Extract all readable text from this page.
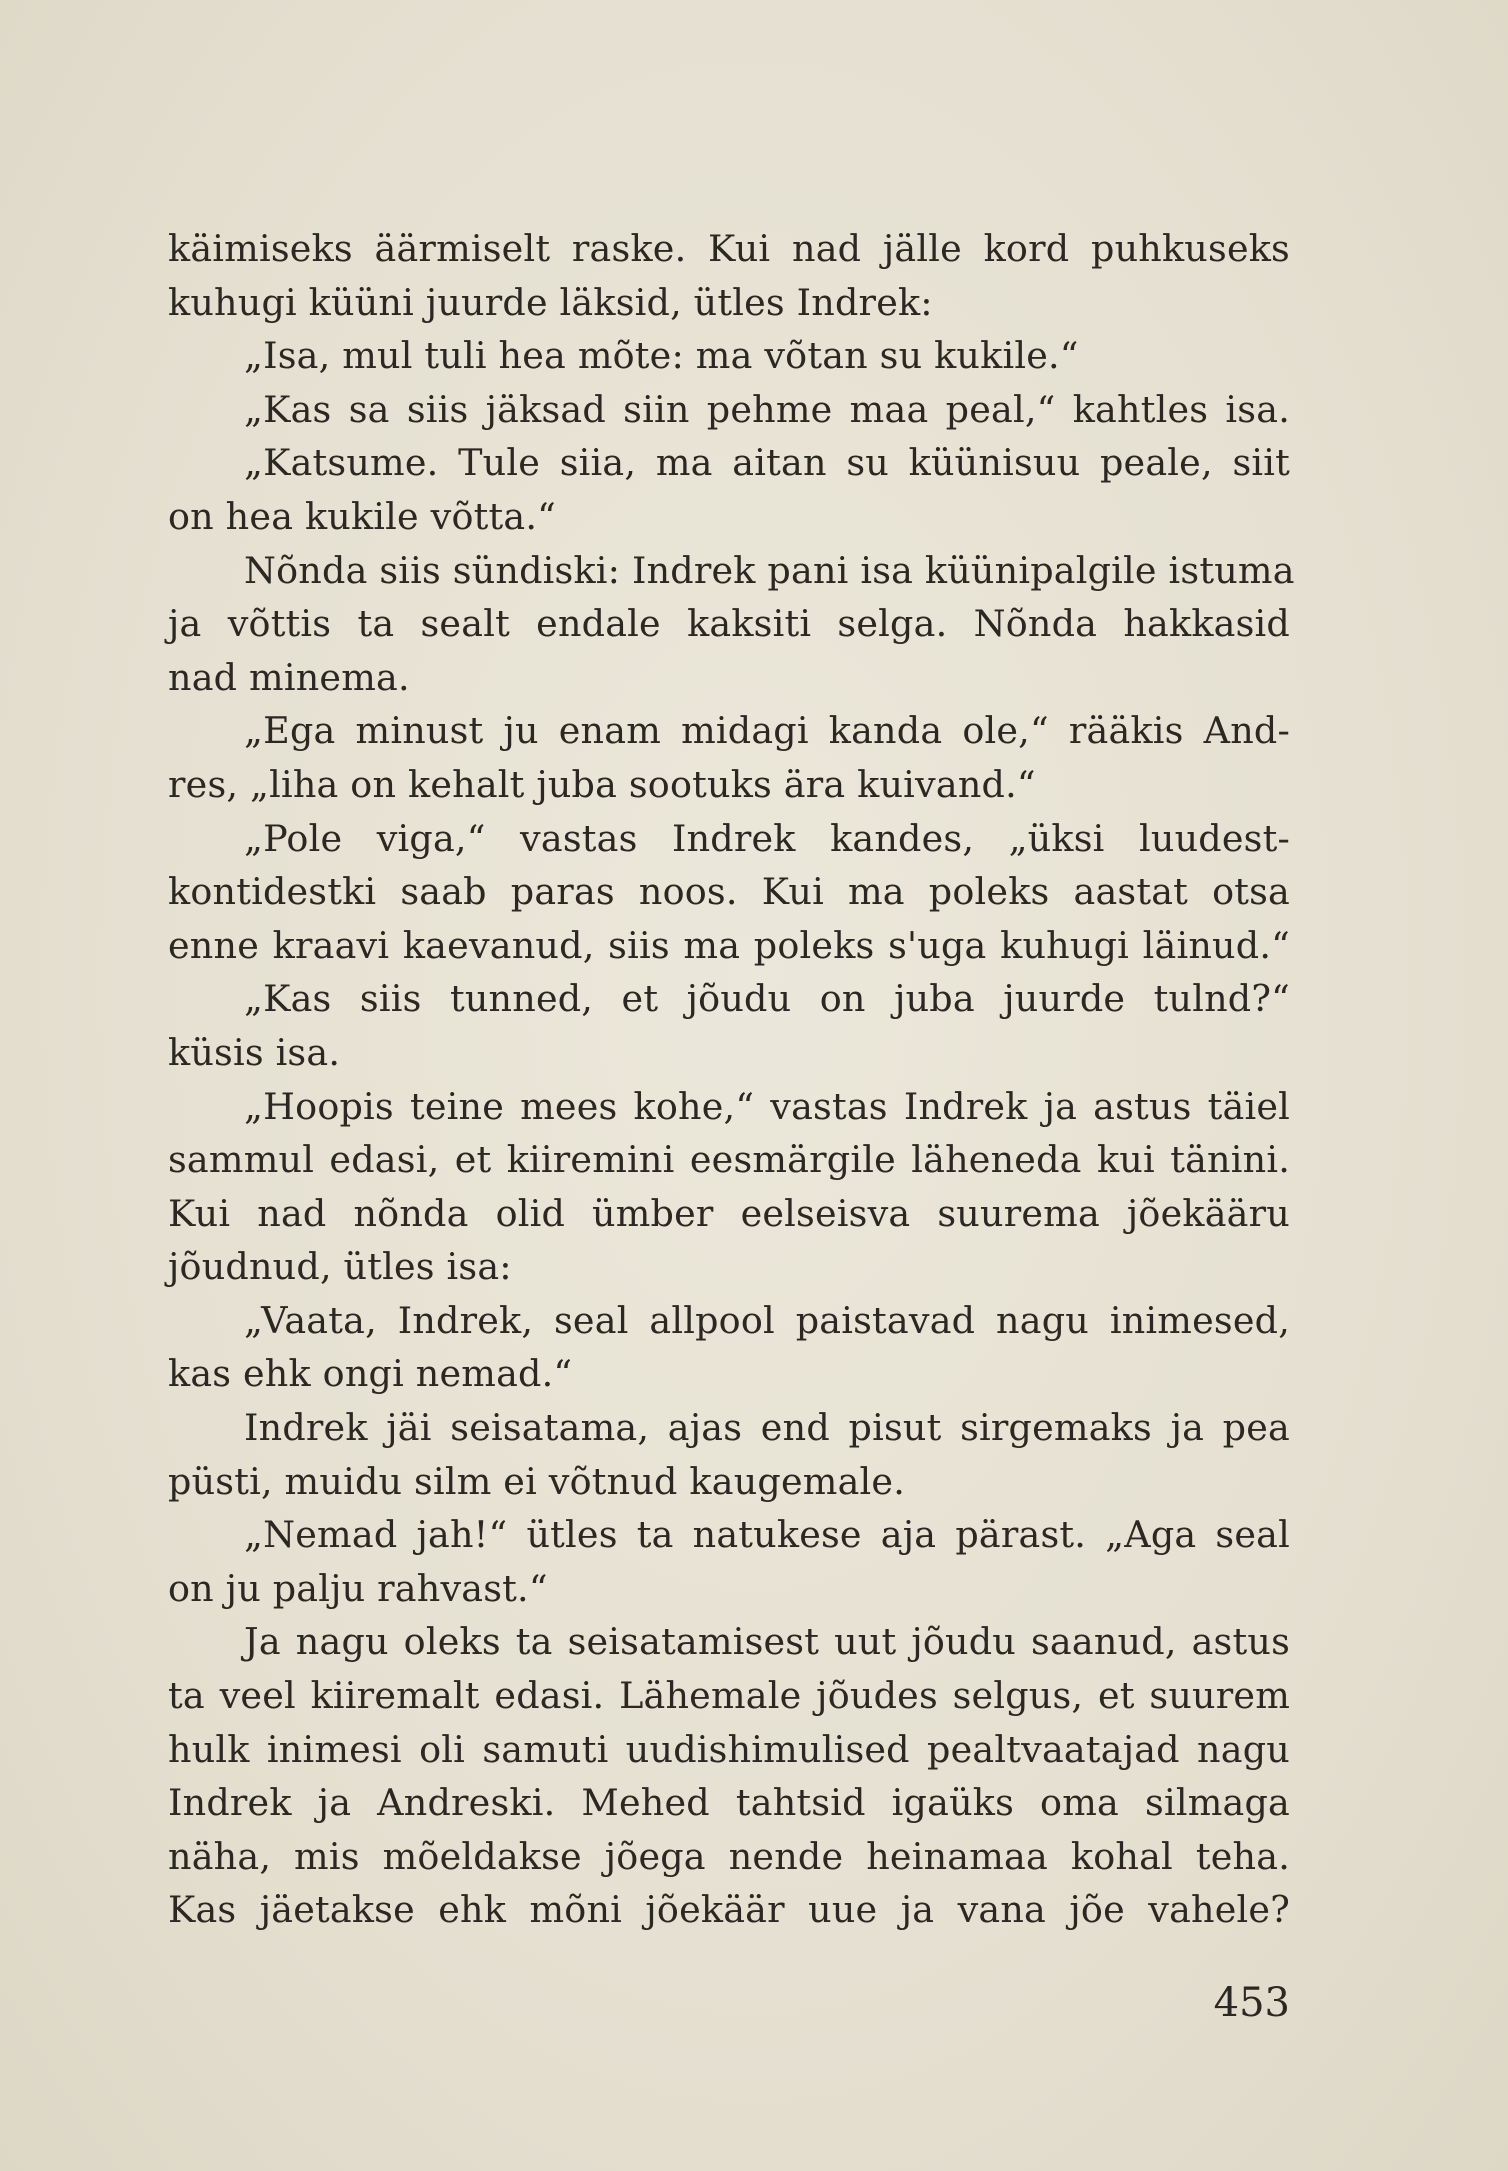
käimiseks äärmiselt raske. Kui nad jälle kord puhkuseks
kuhugi küüni juurde läksid, ütles Indrek:
„Isa, mul tuli hea mõte: ma võtan su kukile.“
„Kas sa siis jäksad siin pehme maa peal,“ kahtles isa.
„Katsume. Tule siia, ma aitan su küünisuu peale, siit
on hea kukile võtta.“
Nõnda siis sündiski: Indrek pani isa küünipalgile istuma
ja võttis ta sealt endale kaksiti selga. Nõnda hakkasid
nad minema.
„Ega minust ju enam midagi kanda ole,“ rääkis And-
res, „liha on kehalt juba sootuks ära kuivand.“
„Pole viga,“ vastas Indrek kandes, „üksi luudest-
kontidestki saab paras noos. Kui ma poleks aastat otsa
enne kraavi kaevanud, siis ma poleks s'uga kuhugi läinud.“
„Kas siis tunned, et jõudu on juba juurde tulnd?“
küsis isa.
„Hoopis teine mees kohe,“ vastas Indrek ja astus täiel
sammul edasi, et kiiremini eesmärgile läheneda kui tänini.
Kui nad nõnda olid ümber eelseisva suurema jõekääru
jõudnud, ütles isa:
„Vaata, Indrek, seal allpool paistavad nagu inimesed,
kas ehk ongi nemad.“
Indrek jäi seisatama, ajas end pisut sirgemaks ja pea
püsti, muidu silm ei võtnud kaugemale.
„Nemad jah!“ ütles ta natukese aja pärast. „Aga seal
on ju palju rahvast.“
Ja nagu oleks ta seisatamisest uut jõudu saanud, astus
ta veel kiiremalt edasi. Lähemale jõudes selgus, et suurem
hulk inimesi oli samuti uudishimulised pealtvaatajad nagu
Indrek ja Andreski. Mehed tahtsid igaüks oma silmaga
näha, mis mõeldakse jõega nende heinamaa kohal teha.
Kas jäetakse ehk mõni jõekäär uue ja vana jõe vahele?
453
